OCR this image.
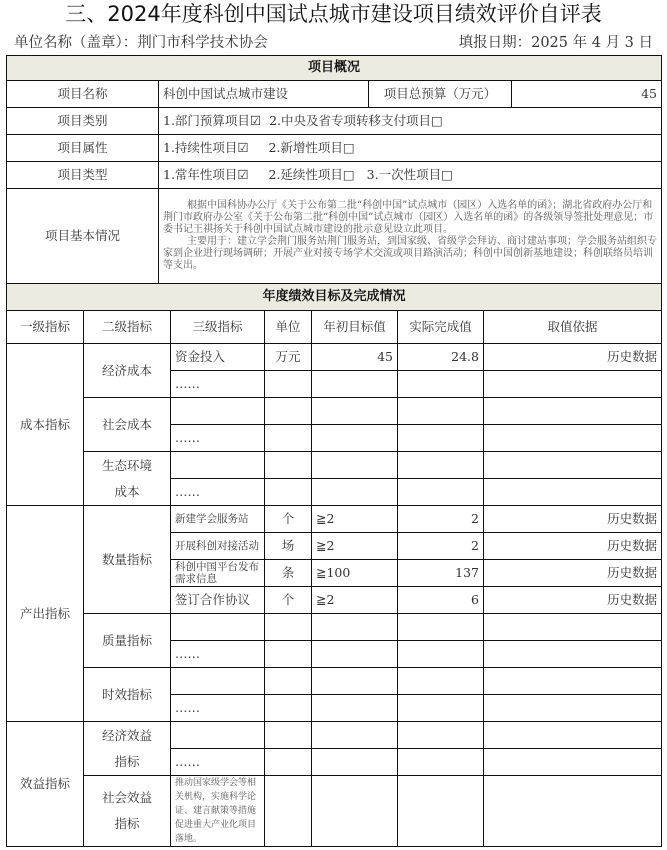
三、2024年度科创中国试点城市建设项目绩效评价自评表
单位名称（盖章）：荆门市科学技术协会	填报日期：2025 年 4 月 3 日
项目概况			
项目名称	科创中国试点城市建设	项目总预算（万元）	45
项目类别	1.部门预算项目☑  2.中央及省专项转移支付项目□		
项目属性	1.持续性项目☑     2.新增性项目□		
项目类型	1.常年性项目☑     2.延续性项目□   3.一次性项目□		
项目基本情况	根据中国科协办公厅《关于公布第二批“科创中国”试点城市（园区）入选名单的函》；湖北省政府办公厅和荆门市政府办公室《关于公布第二批“科创中国”试点城市（园区）入选名单的函》的各级领导签批处理意见；市委书记王祺扬关于科创中国试点城市建设的批示意见设立此项目。

主要用于：建立学会荆门服务站荆门服务站，到国家级、省级学会拜访、商讨建站事项；学会服务站组织专家到企业进行现场调研；开展产业对接专场学术交流或项目路演活动；科创中国创新基地建设；科创联络员培训等支出。		

年度绩效目标及完成情况						
一级指标	二级指标	三级指标	单位	年初目标值	实际完成值	取值依据
成本指标	经济成本	资金投入	万元	45	24.8	历史数据
		……				
	社会成本					
		……				
	生态环境成本					
		……				
产出指标	数量指标	新建学会服务站	个	≧2	2	历史数据
		开展科创对接活动	场	≧2	2	历史数据
		科创中国平台发布需求信息	条	≧100	137	历史数据
		签订合作协议	个	≧2	6	历史数据
	质量指标					
		……				
	时效指标					
		……				
效益指标	经济效益指标					
		……				
	社会效益指标	推动国家级学会等相关机构，实施科学论证、建言献策等措施促进重大产业化项目落地。				
